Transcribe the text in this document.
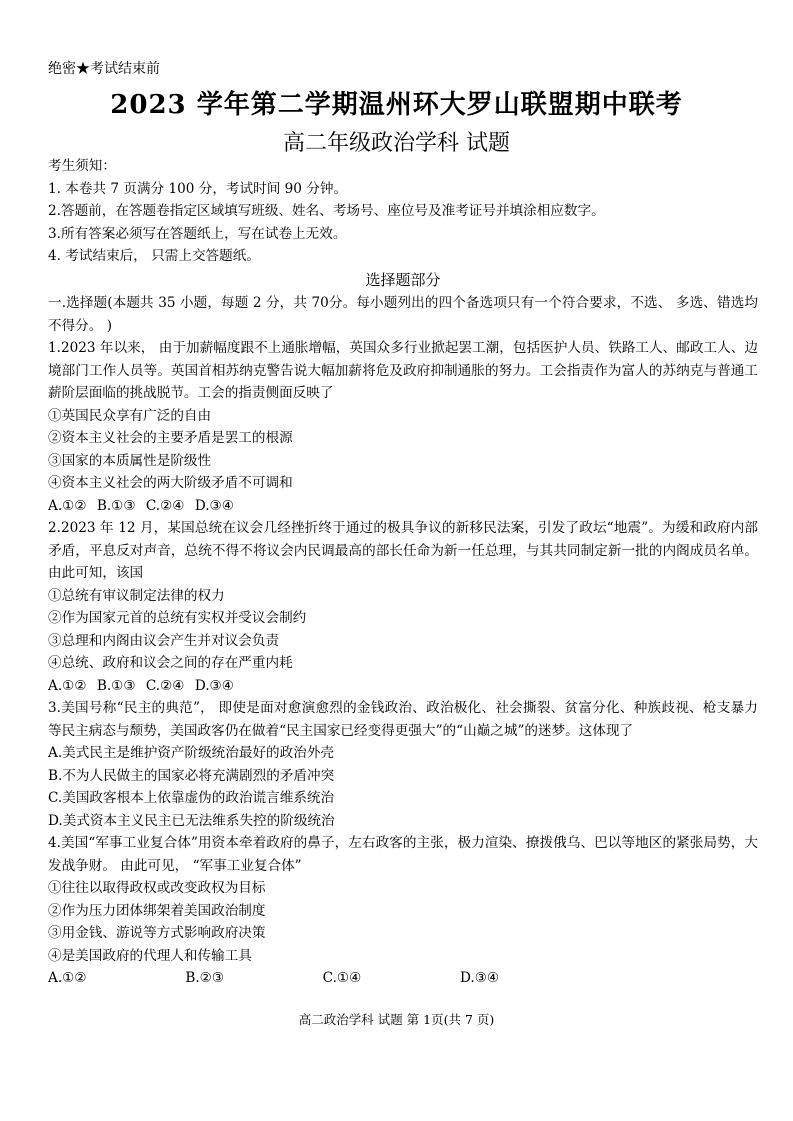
绝密★考试结束前
2023 学年第二学期温州环大罗山联盟期中联考
高二年级政治学科 试题
考生须知：
1. 本卷共 7 页满分 100 分，考试时间 90 分钟。
2.答题前，在答题卷指定区域填写班级、姓名、考场号、座位号及准考证号并填涂相应数字。
3.所有答案必须写在答题纸上，写在试卷上无效。
4. 考试结束后， 只需上交答题纸。
选择题部分
一.选择题(本题共 35 小题，每题 2 分，共 70分。每小题列出的四个备选项只有一个符合要求，不选、 多选、错选均不得分。 )
1.2023 年以来， 由于加薪幅度跟不上通胀增幅，英国众多行业掀起罢工潮，包括医护人员、铁路工人、邮政工人、边境部门工作人员等。英国首相苏纳克警告说大幅加薪将危及政府抑制通胀的努力。工会指责作为富人的苏纳克与普通工薪阶层面临的挑战脱节。工会的指责侧面反映了
①英国民众享有广泛的自由
②资本主义社会的主要矛盾是罢工的根源
③国家的本质属性是阶级性
④资本主义社会的两大阶级矛盾不可调和
A.①② B.①③ C.②④ D.③④
2.2023 年 12 月，某国总统在议会几经挫折终于通过的极具争议的新移民法案，引发了政坛“地震”。为缓和政府内部矛盾，平息反对声音，总统不得不将议会内民调最高的部长任命为新一任总理，与其共同制定新一批的内阁成员名单。由此可知，该国
①总统有审议制定法律的权力
②作为国家元首的总统有实权并受议会制约
③总理和内阁由议会产生并对议会负责
④总统、政府和议会之间的存在严重内耗
A.①② B.①③ C.②④ D.③④
3.美国号称“民主的典范”， 即使是面对愈演愈烈的金钱政治、政治极化、社会撕裂、贫富分化、种族歧视、枪支暴力等民主病态与颓势，美国政客仍在做着“民主国家已经变得更强大”的“山巅之城”的迷梦。这体现了
A.美式民主是维护资产阶级统治最好的政治外壳
B.不为人民做主的国家必将充满剧烈的矛盾冲突
C.美国政客根本上依靠虚伪的政治谎言维系统治
D.美式资本主义民主已无法维系失控的阶级统治
4.美国“军事工业复合体”用资本牵着政府的鼻子，左右政客的主张，极力渲染、撩拨俄乌、巴以等地区的紧张局势，大发战争财。 由此可见， “军事工业复合体”
①往往以取得政权或改变政权为目标
②作为压力团体绑架着美国政治制度
③用金钱、游说等方式影响政府决策
④是美国政府的代理人和传输工具
A.①②	B.②③	C.①④	D.③④
高二政治学科 试题 第 1页(共 7 页)
